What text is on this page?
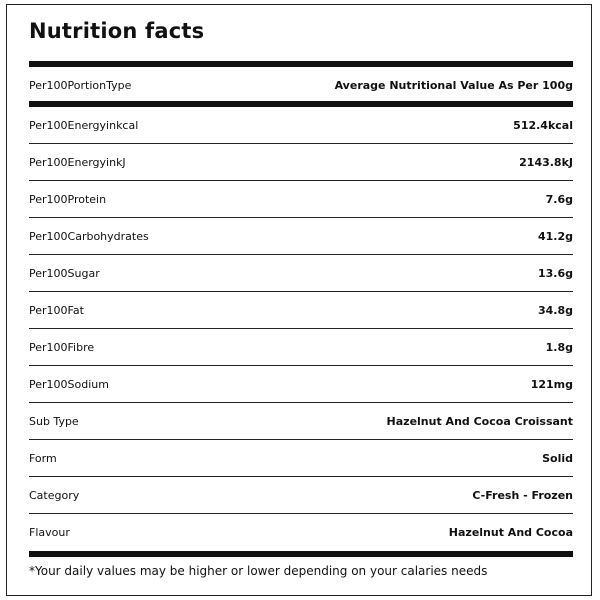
Nutrition facts
Per100PortionType	Average Nutritional Value As Per 100g
Per100Energyinkcal	512.4kcal
Per100EnergyinkJ	2143.8kJ
Per100Protein	7.6g
Per100Carbohydrates	41.2g
Per100Sugar	13.6g
Per100Fat	34.8g
Per100Fibre	1.8g
Per100Sodium	121mg
Sub Type	Hazelnut And Cocoa Croissant
Form	Solid
Category	C-Fresh - Frozen
Flavour	Hazelnut And Cocoa
*Your daily values may be higher or lower depending on your calaries needs
